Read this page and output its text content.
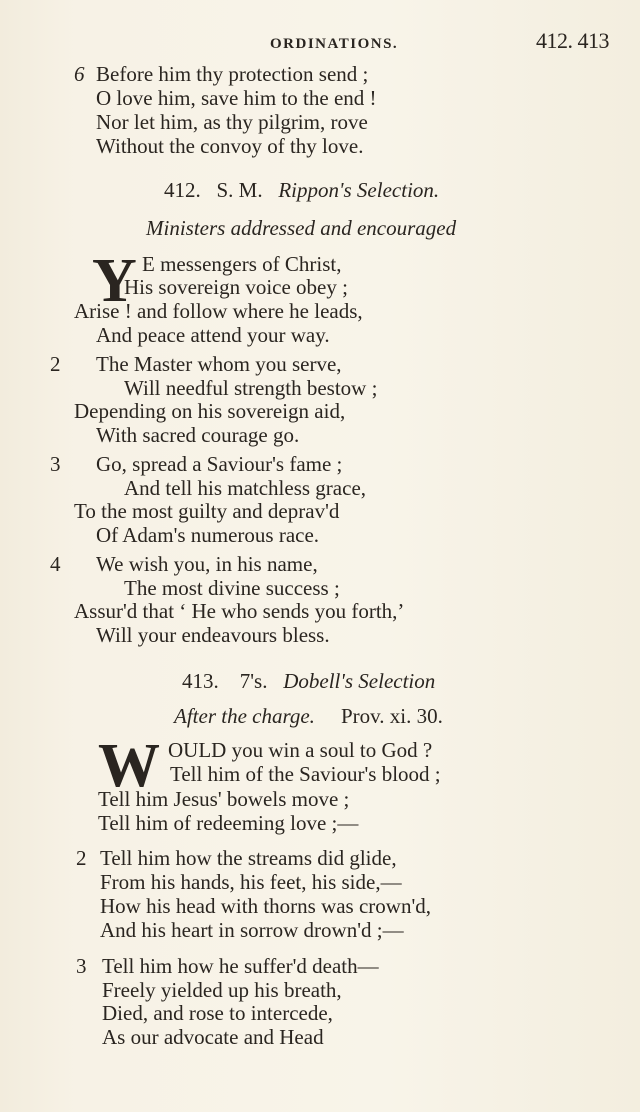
ORDINATIONS.	412. 413
6 Before him thy protection send ;
O love him, save him to the end !
Nor let him, as thy pilgrim, rove
Without the convoy of thy love.
412. S. M. Rippon's Selection.
Ministers addressed and encouraged
Y E messengers of Christ,
His sovereign voice obey ;
Arise ! and follow where he leads,
And peace attend your way.
2 The Master whom you serve,
Will needful strength bestow ;
Depending on his sovereign aid,
With sacred courage go.
3 Go, spread a Saviour's fame ;
And tell his matchless grace,
To the most guilty and deprav'd
Of Adam's numerous race.
4 We wish you, in his name,
The most divine success ;
Assur'd that ‘ He who sends you forth,’
Will your endeavours bless.
413. 7's. Dobell's Selection
After the charge. Prov. xi. 30.
W OULD you win a soul to God ?
Tell him of the Saviour's blood ;
Tell him Jesus' bowels move ;
Tell him of redeeming love ;—
2 Tell him how the streams did glide,
From his hands, his feet, his side,—
How his head with thorns was crown'd,
And his heart in sorrow drown'd ;—
3 Tell him how he suffer'd death—
Freely yielded up his breath,
Died, and rose to intercede,
As our advocate and Head
